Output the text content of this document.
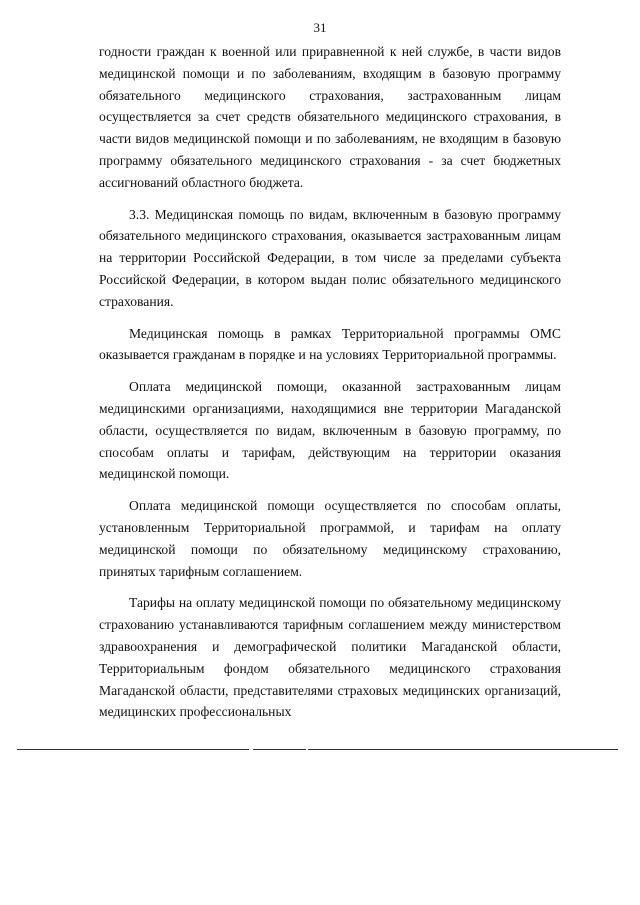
31

годности граждан к военной или приравненной к ней службе, в части видов медицинской помощи и по заболеваниям, входящим в базовую программу обязательного медицинского страхования, застрахованным лицам осуществляется за счет средств обязательного медицинского страхования, в части видов медицинской помощи и по заболеваниям, не входящим в базовую программу обязательного медицинского страхования - за счет бюджетных ассигнований областного бюджета.

3.3. Медицинская помощь по видам, включенным в базовую программу обязательного медицинского страхования, оказывается застрахованным лицам на территории Российской Федерации, в том числе за пределами субъекта Российской Федерации, в котором выдан полис обязательного медицинского страхования.

Медицинская помощь в рамках Территориальной программы ОМС оказывается гражданам в порядке и на условиях Территориальной программы.

Оплата медицинской помощи, оказанной застрахованным лицам медицинскими организациями, находящимися вне территории Магаданской области, осуществляется по видам, включенным в базовую программу, по способам оплаты и тарифам, действующим на территории оказания медицинской помощи.

Оплата медицинской помощи осуществляется по способам оплаты, установленным Территориальной программой, и тарифам на оплату медицинской помощи по обязательному медицинскому страхованию, принятых тарифным соглашением.

Тарифы на оплату медицинской помощи по обязательному медицинскому страхованию устанавливаются тарифным соглашением между министерством здравоохранения и демографической политики Магаданской области, Территориальным фондом обязательного медицинского страхования Магаданской области, представителями страховых медицинских организаций, медицинских профессиональных
